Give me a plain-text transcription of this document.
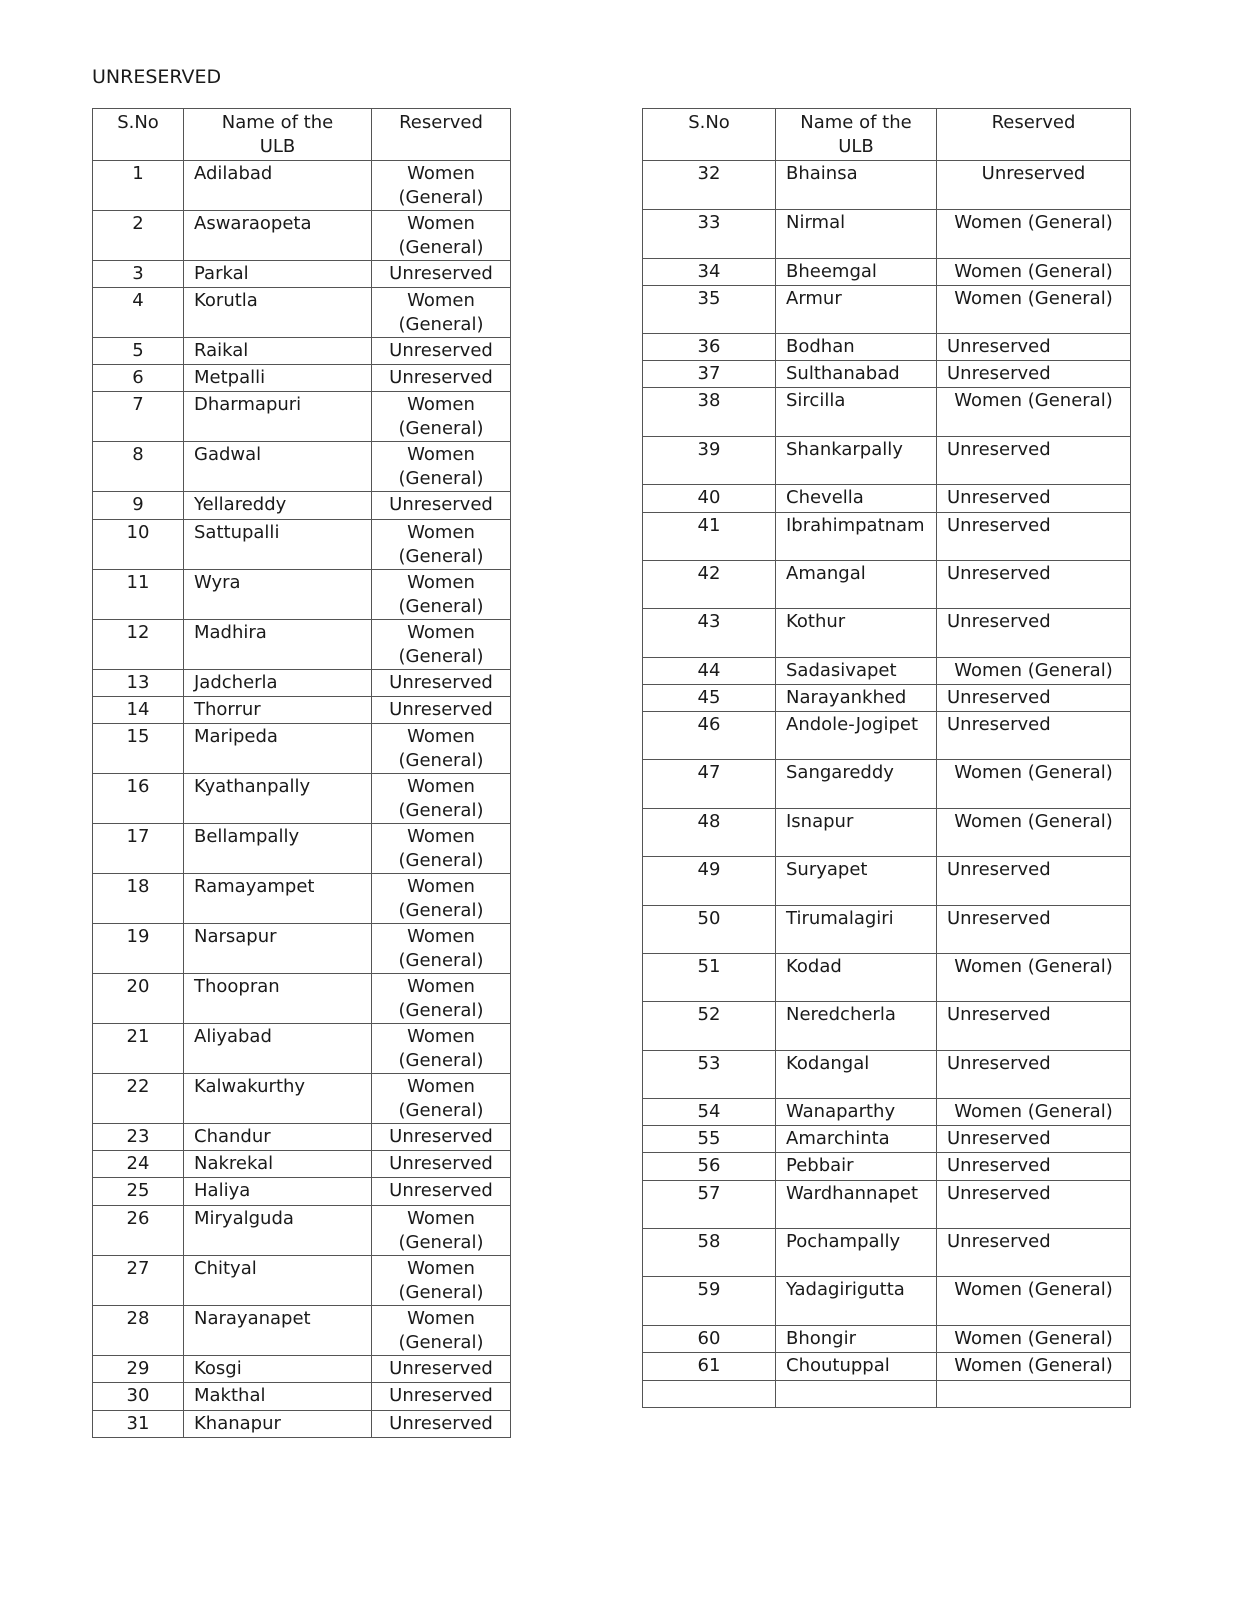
UNRESERVED
S.No	Name of the ULB	Reserved
1	Adilabad	Women (General)
2	Aswaraopeta	Women (General)
3	Parkal	Unreserved
4	Korutla	Women (General)
5	Raikal	Unreserved
6	Metpalli	Unreserved
7	Dharmapuri	Women (General)
8	Gadwal	Women (General)
9	Yellareddy	Unreserved
10	Sattupalli	Women (General)
11	Wyra	Women (General)
12	Madhira	Women (General)
13	Jadcherla	Unreserved
14	Thorrur	Unreserved
15	Maripeda	Women (General)
16	Kyathanpally	Women (General)
17	Bellampally	Women (General)
18	Ramayampet	Women (General)
19	Narsapur	Women (General)
20	Thoopran	Women (General)
21	Aliyabad	Women (General)
22	Kalwakurthy	Women (General)
23	Chandur	Unreserved
24	Nakrekal	Unreserved
25	Haliya	Unreserved
26	Miryalguda	Women (General)
27	Chityal	Women (General)
28	Narayanapet	Women (General)
29	Kosgi	Unreserved
30	Makthal	Unreserved
31	Khanapur	Unreserved
S.No	Name of the ULB	Reserved
32	Bhainsa	Unreserved
33	Nirmal	Women (General)
34	Bheemgal	Women (General)
35	Armur	Women (General)
36	Bodhan	Unreserved
37	Sulthanabad	Unreserved
38	Sircilla	Women (General)
39	Shankarpally	Unreserved
40	Chevella	Unreserved
41	Ibrahimpatnam	Unreserved
42	Amangal	Unreserved
43	Kothur	Unreserved
44	Sadasivapet	Women (General)
45	Narayankhed	Unreserved
46	Andole-Jogipet	Unreserved
47	Sangareddy	Women (General)
48	Isnapur	Women (General)
49	Suryapet	Unreserved
50	Tirumalagiri	Unreserved
51	Kodad	Women (General)
52	Neredcherla	Unreserved
53	Kodangal	Unreserved
54	Wanaparthy	Women (General)
55	Amarchinta	Unreserved
56	Pebbair	Unreserved
57	Wardhannapet	Unreserved
58	Pochampally	Unreserved
59	Yadagirigutta	Women (General)
60	Bhongir	Women (General)
61	Choutuppal	Women (General)
